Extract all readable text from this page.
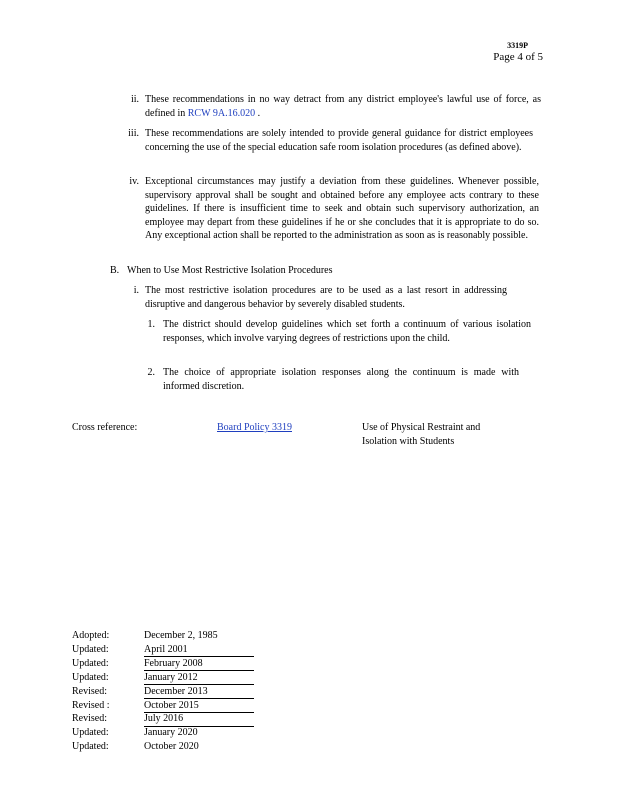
3319P
Page 4 of 5
ii. These recommendations in no way detract from any district employee's lawful use of force, as defined in RCW 9A.16.020 .
iii. These recommendations are solely intended to provide general guidance for district employees concerning the use of the special education safe room isolation procedures (as defined above).
iv. Exceptional circumstances may justify a deviation from these guidelines. Whenever possible, supervisory approval shall be sought and obtained before any employee acts contrary to these guidelines. If there is insufficient time to seek and obtain such supervisory authorization, an employee may depart from these guidelines if he or she concludes that it is appropriate to do so. Any exceptional action shall be reported to the administration as soon as is reasonably possible.
B. When to Use Most Restrictive Isolation Procedures
i. The most restrictive isolation procedures are to be used as a last resort in addressing disruptive and dangerous behavior by severely disabled students.
1. The district should develop guidelines which set forth a continuum of various isolation responses, which involve varying degrees of restrictions upon the child.
2. The choice of appropriate isolation responses along the continuum is made with informed discretion.
Cross reference:	Board Policy 3319	Use of Physical Restraint and Isolation with Students
Adopted:	December 2, 1985
Updated:	April 2001
Updated:	February 2008
Updated:	January 2012
Revised:	December 2013
Revised :	October 2015
Revised:	July 2016
Updated:	January 2020
Updated:	October 2020
